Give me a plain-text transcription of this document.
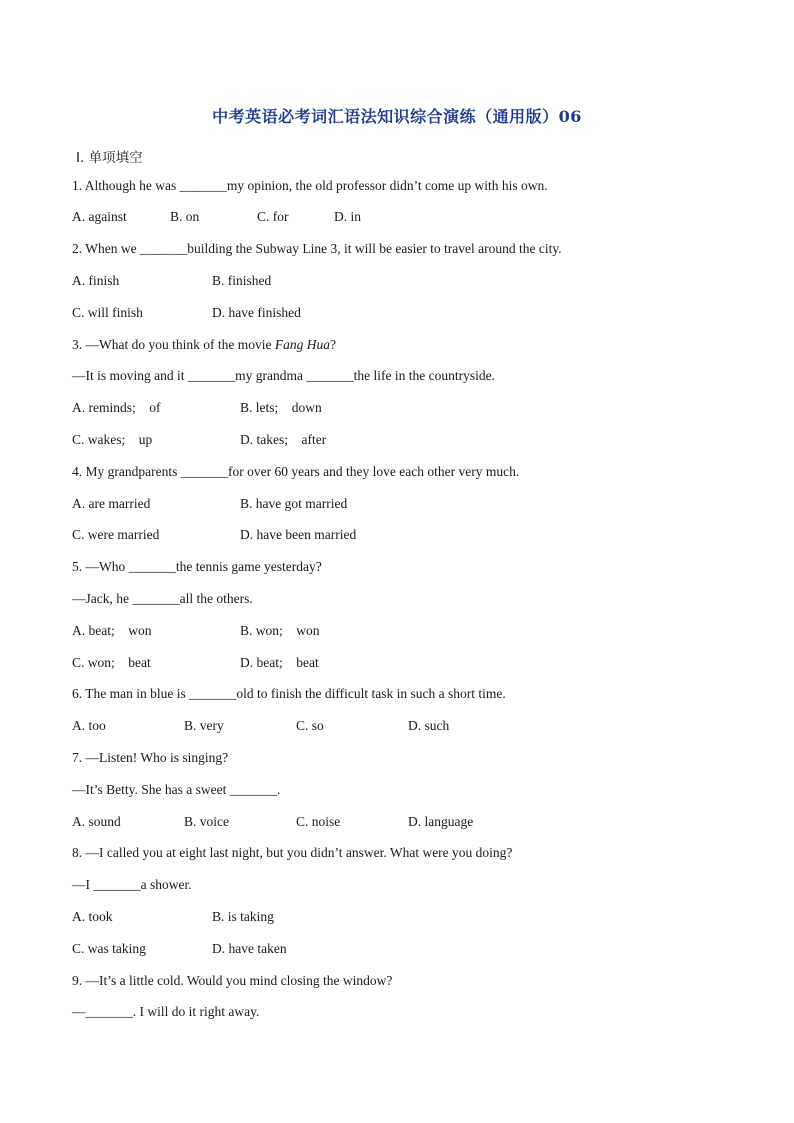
中考英语必考词汇语法知识综合演练（通用版）06
Ⅰ. 单项填空
1. Although he was _______my opinion, the old professor didn’t come up with his own.
A. against	B. on	C. for	D. in
2. When we _______building the Subway Line 3, it will be easier to travel around the city.
A. finish	B. finished
C. will finish	D. have finished
3. —What do you think of the movie Fang Hua?
—It is moving and it _______my grandma _______the life in the countryside.
A. reminds;    of	B. lets;    down
C. wakes;    up	D. takes;    after
4. My grandparents _______for over 60 years and they love each other very much.
A. are married	B. have got married
C. were married	D. have been married
5. —Who _______the tennis game yesterday?
—Jack, he _______all the others.
A. beat;    won	B. won;    won
C. won;    beat	D. beat;    beat
6. The man in blue is _______old to finish the difficult task in such a short time.
A. too	B. very	C. so	D. such
7. —Listen! Who is singing?
—It’s Betty. She has a sweet _______.
A. sound	B. voice	C. noise	D. language
8. —I called you at eight last night, but you didn’t answer. What were you doing?
—I _______a shower.
A. took	B. is taking
C. was taking	D. have taken
9. —It’s a little cold. Would you mind closing the window?
—_______. I will do it right away.
